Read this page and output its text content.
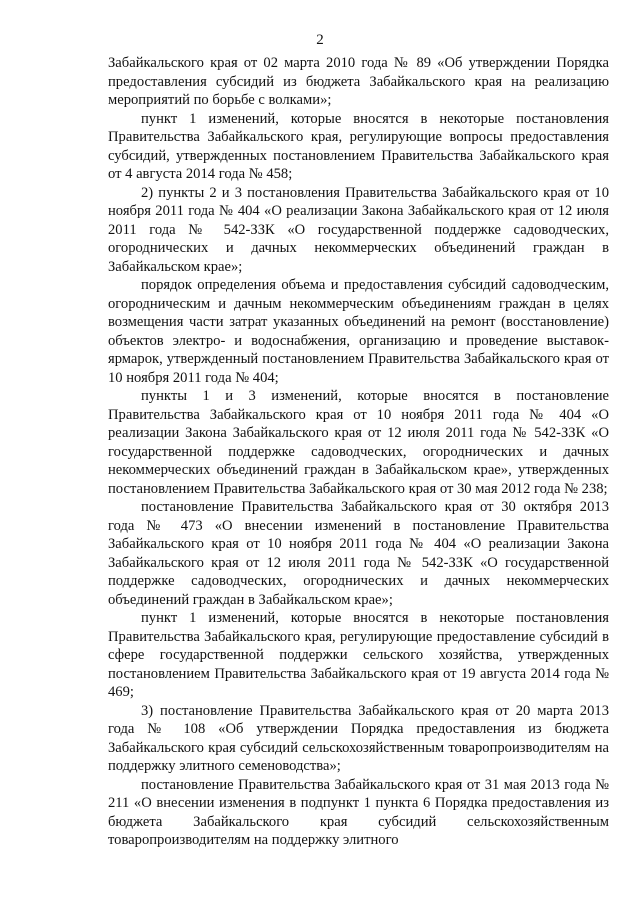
2

Забайкальского края от 02 марта 2010 года № 89 «Об утверждении Порядка предоставления субсидий из бюджета Забайкальского края на реализацию мероприятий по борьбе с волками»;

пункт 1 изменений, которые вносятся в некоторые постановления Правительства Забайкальского края, регулирующие вопросы предоставления субсидий, утвержденных постановлением Правительства Забайкальского края от 4 августа 2014 года № 458;

2) пункты 2 и 3 постановления Правительства Забайкальского края от 10 ноября 2011 года № 404 «О реализации Закона Забайкальского края от 12 июля 2011 года № 542-ЗЗК «О государственной поддержке садоводческих, огороднических и дачных некоммерческих объединений граждан в Забайкальском крае»;

порядок определения объема и предоставления субсидий садоводческим, огородническим и дачным некоммерческим объединениям граждан в целях возмещения части затрат указанных объединений на ремонт (восстановление) объектов электро- и водоснабжения, организацию и проведение выставок-ярмарок, утвержденный постановлением Правительства Забайкальского края от 10 ноября 2011 года № 404;

пункты 1 и 3 изменений, которые вносятся в постановление Правительства Забайкальского края от 10 ноября 2011 года № 404 «О реализации Закона Забайкальского края от 12 июля 2011 года № 542-ЗЗК «О государственной поддержке садоводческих, огороднических и дачных некоммерческих объединений граждан в Забайкальском крае», утвержденных постановлением Правительства Забайкальского края от 30 мая 2012 года № 238;

постановление Правительства Забайкальского края от 30 октября 2013 года № 473 «О внесении изменений в постановление Правительства Забайкальского края от 10 ноября 2011 года № 404 «О реализации Закона Забайкальского края от 12 июля 2011 года № 542-ЗЗК «О государственной поддержке садоводческих, огороднических и дачных некоммерческих объединений граждан в Забайкальском крае»;

пункт 1 изменений, которые вносятся в некоторые постановления Правительства Забайкальского края, регулирующие предоставление субсидий в сфере государственной поддержки сельского хозяйства, утвержденных постановлением Правительства Забайкальского края от 19 августа 2014 года № 469;

3) постановление Правительства Забайкальского края от 20 марта 2013 года № 108 «Об утверждении Порядка предоставления из бюджета Забайкальского края субсидий сельскохозяйственным товаропроизводителям на поддержку элитного семеноводства»;

постановление Правительства Забайкальского края от 31 мая 2013 года № 211 «О внесении изменения в подпункт 1 пункта 6 Порядка предоставления из бюджета Забайкальского края субсидий сельскохозяйственным товаропроизводителям на поддержку элитного
